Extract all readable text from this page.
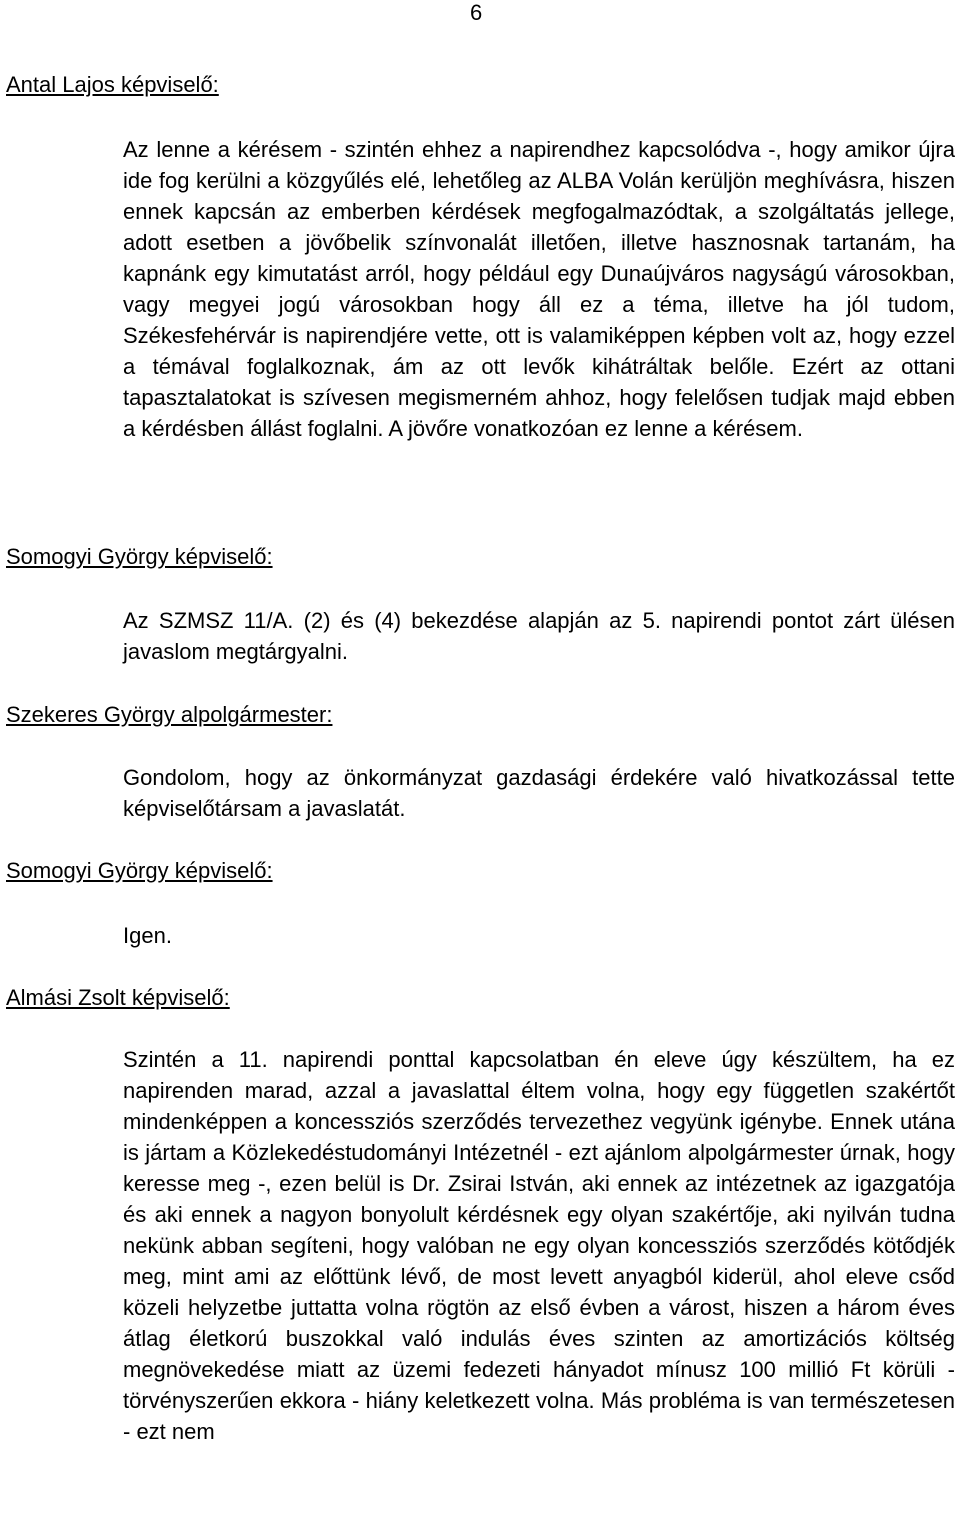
6
Antal Lajos képviselő:

Az lenne a kérésem - szintén ehhez a napirendhez kapcsolódva -, hogy amikor újra ide fog kerülni a közgyűlés elé, lehetőleg az ALBA Volán kerüljön meghívásra, hiszen ennek kapcsán az emberben kérdések megfogalmazódtak, a szolgáltatás jellege, adott esetben a jövőbelik színvonalát illetően, illetve hasznosnak tartanám, ha kapnánk egy kimutatást arról, hogy például egy Dunaújváros nagyságú városokban, vagy megyei jogú városokban hogy áll ez a téma, illetve ha jól tudom, Székesfehérvár is napirendjére vette, ott is valamiképpen képben volt az, hogy ezzel a témával foglalkoznak, ám az ott levők kihátráltak belőle. Ezért az ottani tapasztalatokat is szívesen megismerném ahhoz, hogy felelősen tudjak majd ebben a kérdésben állást foglalni. A jövőre vonatkozóan ez lenne a kérésem.

Somogyi György képviselő:

Az SZMSZ 11/A. (2) és (4) bekezdése alapján az 5. napirendi pontot zárt ülésen javaslom megtárgyalni.

Szekeres György alpolgármester:

Gondolom, hogy az önkormányzat gazdasági érdekére való hivatkozással tette képviselőtársam a javaslatát.

Somogyi György képviselő:

Igen.

Almási Zsolt képviselő:

Szintén a 11. napirendi ponttal kapcsolatban én eleve úgy készültem, ha ez napirenden marad, azzal a javaslattal éltem volna, hogy egy független szakértőt mindenképpen a koncessziós szerződés tervezethez vegyünk igénybe. Ennek utána is jártam a Közlekedéstudományi Intézetnél - ezt ajánlom alpolgármester úrnak, hogy keresse meg -, ezen belül is Dr. Zsirai István, aki ennek az intézetnek az igazgatója és aki ennek a nagyon bonyolult kérdésnek egy olyan szakértője, aki nyilván tudna nekünk abban segíteni, hogy valóban ne egy olyan koncessziós szerződés kötődjék meg, mint ami az előttünk lévő, de most levett anyagból kiderül, ahol eleve csőd közeli helyzetbe juttatta volna rögtön az első évben a várost, hiszen a három éves átlag életkorú buszokkal való indulás éves szinten az amortizációs költség megnövekedése miatt az üzemi fedezeti hányadot mínusz 100 millió Ft körüli - törvényszerűen ekkora - hiány keletkezett volna. Más probléma is van természetesen - ezt nem
